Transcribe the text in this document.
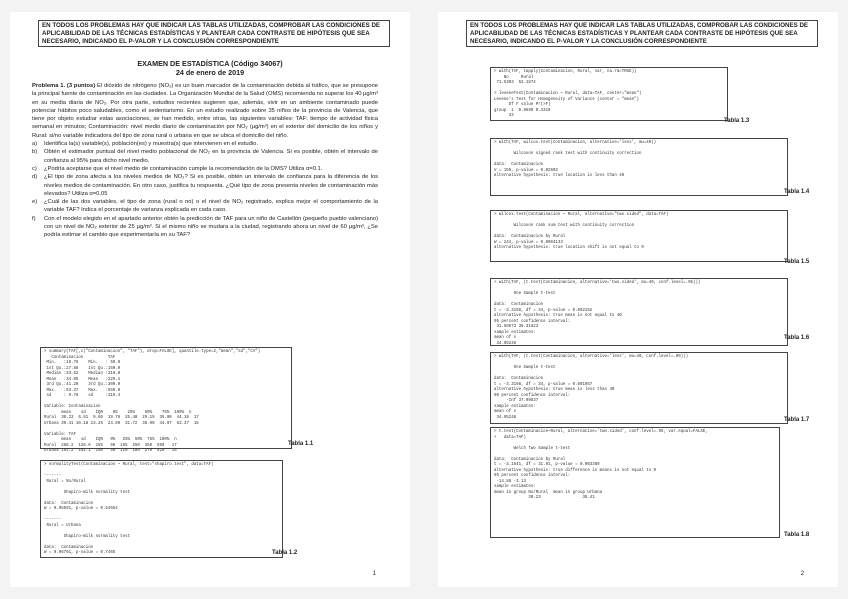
EN TODOS LOS PROBLEMAS HAY QUE INDICAR LAS TABLAS UTILIZADAS, COMPROBAR LAS CONDICIONES DE APLICABILIDAD DE LAS TÉCNICAS ESTADÍSTICAS Y PLANTEAR CADA CONTRASTE DE HIPÓTESIS QUE SEA NECESARIO, INDICANDO EL P-VALOR Y LA CONCLUSIÓN CORRESPONDIENTE
EXAMEN DE ESTADÍSTICA (Código 34067)
24 de enero de 2019
Problema 1. (3 puntos) El dióxido de nitrógeno (NO₂) es un buen marcador de la contaminación debida al tráfico, que se presupone la principal fuente de contaminación en las ciudades. La Organización Mundial de la Salud (OMS) recomienda no superar los 40 µg/m³ en su media diaria de NO₂. Por otra parte, estudios recientes sugieren que, además, vivir en un ambiente contaminado puede potenciar hábitos poco saludables, como el sedentarismo. En un estudio realizado sobre 35 niños de la provincia de Valencia, que tiene por objeto estudiar estas asociaciones, se han medido, entre otras, las siguientes variables: TAF: tiempo de actividad física semanal en minutos; Contaminación: nivel medio diario de contaminación por NO₂ (µg/m³) en el exterior del domicilio de los niños y Rural: si/no variable indicadora del tipo de zona rural o urbana en que se ubica el domicilio del niño.
a)	Identifica la(s) variable(s), población(es) y muestra(s) que intervienen en el estudio.
b)	Obtén el estimador puntual del nivel medio poblacional de NO₂ en la provincia de Valencia. Si es posible, obtén el intervalo de confianza al 95% para dicho nivel medio.
c)	¿Podría aceptarse que el nivel medio de contaminación cumple la recomendación de la OMS? Utiliza α=0.1.
d)	¿El tipo de zona afecta a los niveles medios de NO₂? Si es posible, obtén un intervalo de confianza para la diferencia de los niveles medios de contaminación. En otro caso, justifica tu respuesta. ¿Qué tipo de zona presenta niveles de contaminación más elevados? Utiliza α=0,05
e)	¿Cuál de las dos variables, el tipo de zona (rural o no) o el nivel de NO₂ registrado, explica mejor el comportamiento de la variable TAF? Indica el porcentaje de varianza explicada en cada caso.
f)	Con el modelo elegido en el apartado anterior obtén la predicción de TAF para un niño de Castellón (pequeño pueblo valenciano) con un nivel de NO₂ exterior de 25 µg/m³. Si el mismo niño se mudara a la ciudad, registrando ahora un nivel de 60 µg/m³, ¿Se podría estimar el cambio que experimentaría en su TAF?
> summary(TAF[,c("Contaminacion", "TAF"), drop=FALSE], quantile.type=2,"mean","sd","CV")
Contaminacion          TAF
Min.   :19.78    Min.   : 50.0
1st Qu.:27.88    1st Qu.:150.0
Median :33.52    Median :210.0
Mean   :34.95    Mean   :229.1
3rd Qu.:41.20    3rd Qu.:300.0
Max.   :63.37    Max.   :550.0
sd     : 9.78    sd     :119.4

Variable: Contaminacion
mean    sd    IQR    0%    25%    50%    75%  100%  n
Rural  30.23  6.91  9.60  19.78  25.40  29.15  35.00  44.10  17
Urbana 39.41 10.18 13.25  24.60  31.72  38.90  44.97  63.37  18

Variable: TAF
mean    sd    IQR   0%   25%  50%  75%  100%  n
Rural  268.2  126.6  165   60  185  250  350  550   17
Urbana 192.2  102.1  150   50  120  180  270  420   18
Tabla 1.1
> normalityTest(Contaminacion ~ Rural, test="shapiro.test", data=TAF)

-------
Rural = No/Rural

Shapiro-Wilk normality test

data:  Contaminacion
W = 0.95591, p-value = 0.54554

-------
Rural = Urbana

Shapiro-Wilk normality test

data:  Contaminacion
W = 0.96791, p-value = 0.7465	Tabla 1.2
1
EN TODOS LOS PROBLEMAS HAY QUE INDICAR LAS TABLAS UTILIZADAS, COMPROBAR LAS CONDICIONES DE APLICABILIDAD DE LAS TÉCNICAS ESTADÍSTICAS Y PLANTEAR CADA CONTRASTE DE HIPÓTESIS QUE SEA NECESARIO, INDICANDO EL P-VALOR Y LA CONCLUSIÓN CORRESPONDIENTE
> with(TAF, tapply(Contaminacion, Rural, var, na.rm=TRUE))
No     Rural
71.5303  52.1874

> leveneTest(Contaminacion ~ Rural, data=TAF, center="mean")
Levene's Test for Homogeneity of Variance (center = "mean")
Df F value Pr(>F)
group  1  0.9699 0.3319
33
Tabla 1.3
> with(TAF, wilcox.test(Contaminacion, alternative='less', mu=40))

Wilcoxon signed rank test with continuity correction

data:  Contaminacion
V = 155, p-value = 0.02603
alternative hypothesis: true location is less than 40
Tabla 1.4
> wilcox.test(Contaminacion ~ Rural, alternative="two.sided", data=TAF)

Wilcoxon rank sum test with continuity correction

data:  Contaminacion by Rural
W = 244, p-value = 0.0004133
alternative hypothesis: true location shift is not equal to 0
Tabla 1.5
> with(TAF, (t.test(Contaminacion, alternative='two.sided', mu=40, conf.level=.95)))

One Sample t-test

data:  Contaminacion
t = -3.3198, df = 34, p-value = 0.002152
alternative hypothesis: true mean is not equal to 40
95 percent confidence interval:
31.58873 38.31623
sample estimates:
mean of x
34.95248
Tabla 1.6
> with(TAF, (t.test(Contaminacion, alternative='less', mu=40, conf.level=.90)))

One Sample t-test

data:  Contaminacion
t = -3.3198, df = 34, p-value = 0.001057
alternative hypothesis: true mean is less than 40
90 percent confidence interval:
-Inf 37.09837
sample estimates:
mean of x
34.95248	Tabla 1.7
> t.test(Contaminacion~Rural, alternative='two.sided', conf.level=.95, var.equal=FALSE,
+   data=TAF)

Welch Two Sample t-test

data:  Contaminacion by Rural
t = -3.1641, df = 31.91, p-value = 0.003389
alternative hypothesis: true difference in means is not equal to 0
95 percent confidence interval:
-14.88 -3.13
sample estimates:
mean in group No/Rural  mean in group Urbana
30.23                 39.41
Tabla 1.8
2
